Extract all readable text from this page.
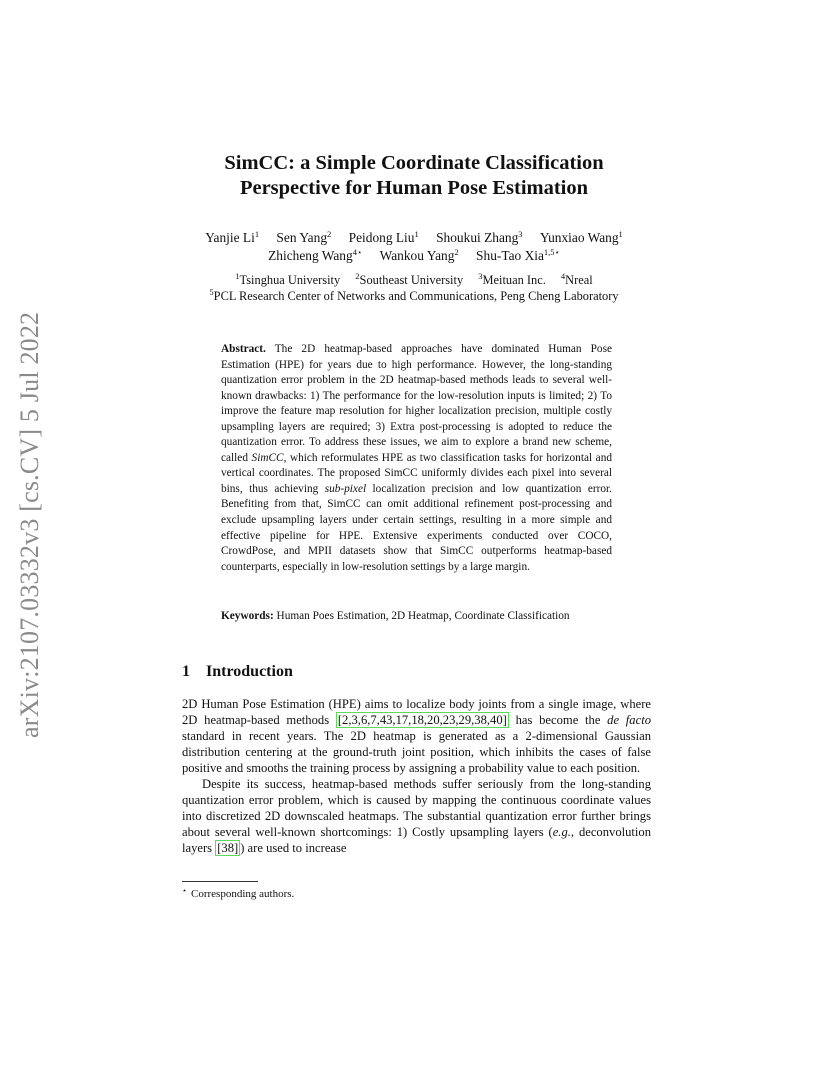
arXiv:2107.03332v3 [cs.CV] 5 Jul 2022
SimCC: a Simple Coordinate Classification
Perspective for Human Pose Estimation
Yanjie Li$^1$ Sen Yang$^2$ Peidong Liu$^1$ Shoukui Zhang$^3$ Yunxiao Wang$^1$
Zhicheng Wang$^{4⋆}$ Wankou Yang$^2$ Shu-Tao Xia$^{1,5⋆}$
$^1$Tsinghua University $^2$Southeast University $^3$Meituan Inc. $^4$Nreal
$^5$PCL Research Center of Networks and Communications, Peng Cheng Laboratory
Abstract. The 2D heatmap-based approaches have dominated Human Pose Estimation (HPE) for years due to high performance. However, the long-standing quantization error problem in the 2D heatmap-based methods leads to several well-known drawbacks: 1) The performance for the low-resolution inputs is limited; 2) To improve the feature map resolution for higher localization precision, multiple costly upsampling layers are required; 3) Extra post-processing is adopted to reduce the quantization error. To address these issues, we aim to explore a brand new scheme, called SimCC, which reformulates HPE as two classification tasks for horizontal and vertical coordinates. The proposed SimCC uniformly divides each pixel into several bins, thus achieving sub-pixel localization precision and low quantization error. Benefiting from that, SimCC can omit additional refinement post-processing and exclude upsampling layers under certain settings, resulting in a more simple and effective pipeline for HPE. Extensive experiments conducted over COCO, CrowdPose, and MPII datasets show that SimCC outperforms heatmap-based counterparts, especially in low-resolution settings by a large margin.
Keywords: Human Poes Estimation, 2D Heatmap, Coordinate Classification
1 Introduction

2D Human Pose Estimation (HPE) aims to localize body joints from a single image, where 2D heatmap-based methods [2,3,6,7,43,17,18,20,23,29,38,40] has become the de facto standard in recent years. The 2D heatmap is generated as a 2-dimensional Gaussian distribution centering at the ground-truth joint position, which inhibits the cases of false positive and smooths the training process by assigning a probability value to each position.

Despite its success, heatmap-based methods suffer seriously from the long-standing quantization error problem, which is caused by mapping the continuous coordinate values into discretized 2D downscaled heatmaps. The substantial quantization error further brings about several well-known shortcomings: 1) Costly upsampling layers (e.g., deconvolution layers [38] ) are used to increase

⋆ Corresponding authors.
